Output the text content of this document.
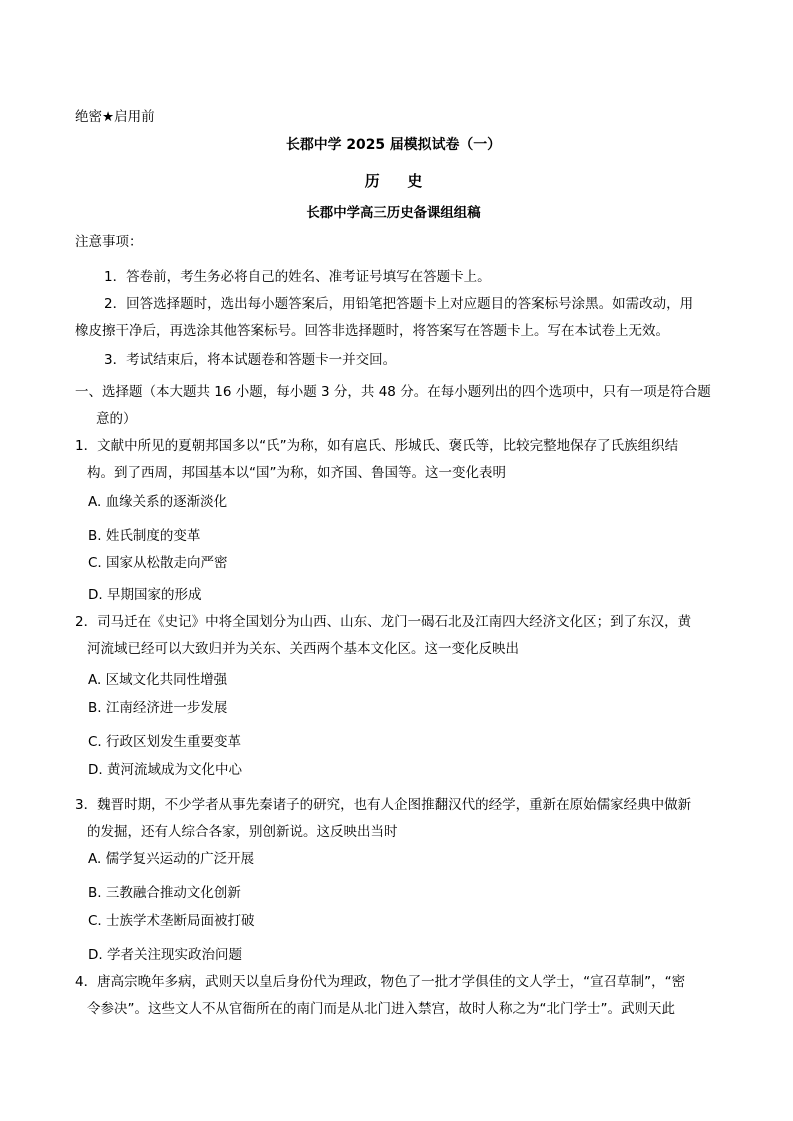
绝密★启用前
长郡中学 2025 届模拟试卷（一）
历史
长郡中学高三历史备课组组稿
注意事项：
1．答卷前，考生务必将自己的姓名、准考证号填写在答题卡上。
2．回答选择题时，选出每小题答案后，用铅笔把答题卡上对应题目的答案标号涂黑。如需改动，用
橡皮擦干净后，再选涂其他答案标号。回答非选择题时，将答案写在答题卡上。写在本试卷上无效。
3．考试结束后，将本试题卷和答题卡一并交回。
一、选择题（本大题共 16 小题，每小题 3 分，共 48 分。在每小题列出的四个选项中，只有一项是符合题
意的）
1．文献中所见的夏朝邦国多以“氏”为称，如有扈氏、彤城氏、褒氏等，比较完整地保存了氏族组织结
构。到了西周，邦国基本以“国”为称，如齐国、鲁国等。这一变化表明
A. 血缘关系的逐渐淡化
B. 姓氏制度的变革
C. 国家从松散走向严密
D. 早期国家的形成
2．司马迁在《史记》中将全国划分为山西、山东、龙门一碣石北及江南四大经济文化区；到了东汉，黄
河流域已经可以大致归并为关东、关西两个基本文化区。这一变化反映出
A. 区域文化共同性增强
B. 江南经济进一步发展
C. 行政区划发生重要变革
D. 黄河流域成为文化中心
3．魏晋时期，不少学者从事先秦诸子的研究，也有人企图推翻汉代的经学，重新在原始儒家经典中做新
的发掘，还有人综合各家，别创新说。这反映出当时
A. 儒学复兴运动的广泛开展
B. 三教融合推动文化创新
C. 士族学术垄断局面被打破
D. 学者关注现实政治问题
4．唐高宗晚年多病，武则天以皇后身份代为理政，物色了一批才学俱佳的文人学士，“宣召草制”，“密
令参决”。这些文人不从官衙所在的南门而是从北门进入禁宫，故时人称之为“北门学士”。武则天此
